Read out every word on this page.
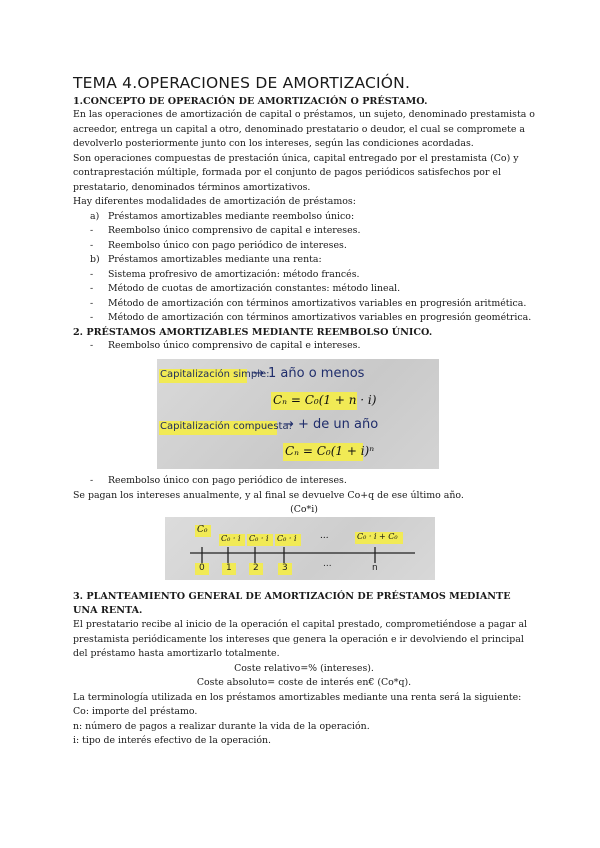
TEMA 4.OPERACIONES DE AMORTIZACIÓN.
1.CONCEPTO DE OPERACIÓN DE AMORTIZACIÓN O PRÉSTAMO.

En las operaciones de amortización de capital o préstamos, un sujeto, denominado prestamista o acreedor, entrega un capital a otro, denominado prestatario o deudor, el cual se compromete a devolverlo posteriormente junto con los intereses, según las condiciones acordadas.

Son operaciones compuestas de prestación única, capital entregado por el prestamista (Co) y contraprestación múltiple, formada por el conjunto de pagos periódicos satisfechos por el prestatario, denominados términos amortizativos.

Hay diferentes modalidades de amortización de préstamos:

a) Préstamos amortizables mediante reembolso único:
- Reembolso único comprensivo de capital e intereses.
- Reembolso único con pago periódico de intereses.
b) Préstamos amortizables mediante una renta:
- Sistema profresivo de amortización: método francés.
- Método de cuotas de amortización constantes: método lineal.
- Método de amortización con términos amortizativos variables en progresión aritmética.
- Método de amortización con términos amortizativos variables en progresión geométrica.
2. PRÉSTAMOS AMORTIZABLES MEDIANTE REEMBOLSO ÚNICO.
- Reembolso único comprensivo de capital e intereses.
Capitalización simple:
→ 1 año o menos
Cₙ = C₀(1 + n · i)
Capitalización compuesta:
→ + de un año
Cₙ = C₀(1 + i)ⁿ
- Reembolso único con pago periódico de intereses.

Se pagan los intereses anualmente, y al final se devuelve Co+q de ese último año.

(Co*i)

C₀
C₀ · i C₀ · i C₀ · i	...	C₀ · i + C₀
0 1 2	3	...	n
3. PLANTEAMIENTO GENERAL DE AMORTIZACIÓN DE PRÉSTAMOS MEDIANTE UNA RENTA.

El prestatario recibe al inicio de la operación el capital prestado, comprometiéndose a pagar al prestamista periódicamente los intereses que genera la operación e ir devolviendo el principal del préstamo hasta amortizarlo totalmente.

Coste relativo=% (intereses).

Coste absoluto= coste de interés en€ (Co*q).

La terminología utilizada en los préstamos amortizables mediante una renta será la siguiente:

Co: importe del préstamo.

n: número de pagos a realizar durante la vida de la operación.

i: tipo de interés efectivo de la operación.
